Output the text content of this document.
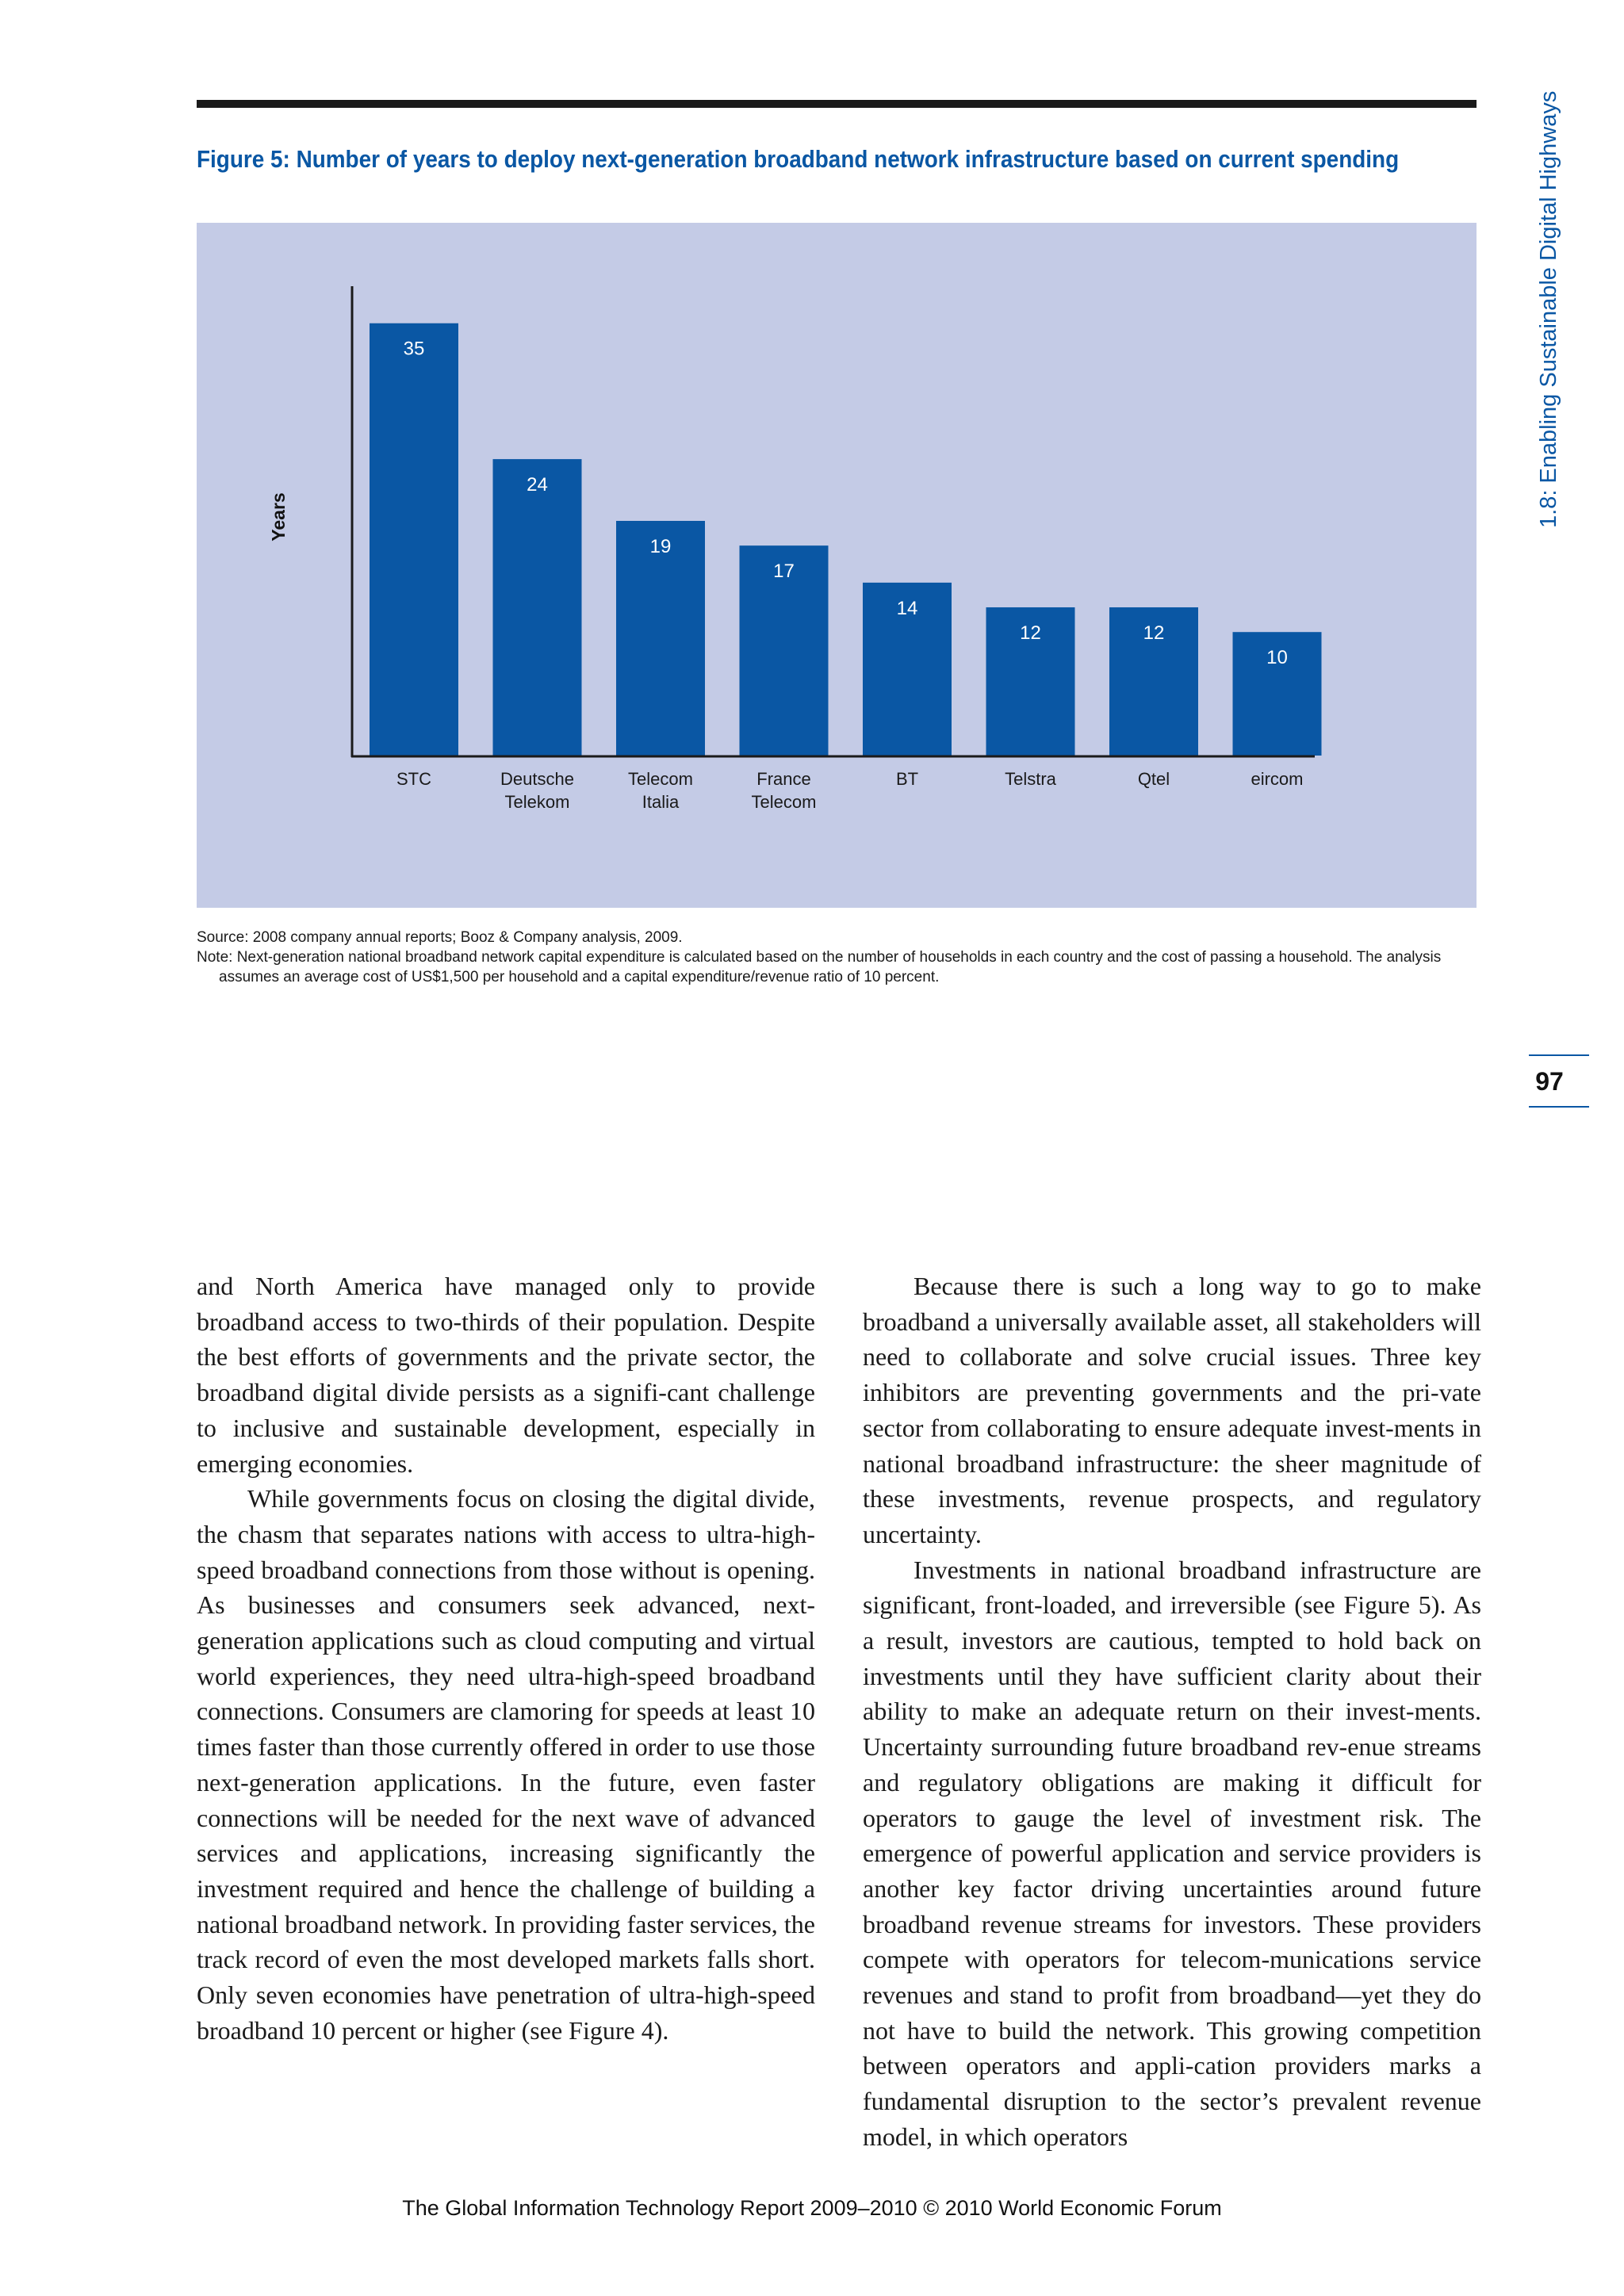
Figure 5: Number of years to deploy next-generation broadband network infrastructure based on current spending
35
24
19
17
14
12	12
10
Years
STC	Deutsche Telekom
Telecom Italia
France Telecom
BT	Telstra	Qtel	eircom
Source: 2008 company annual reports; Booz & Company analysis, 2009.
Note: Next-generation national broadband network capital expenditure is calculated based on the number of households in each country and the cost of passing a household. The analysis assumes an average cost of US$1,500 per household and a capital expenditure/revenue ratio of 10 percent.
1.8: Enabling Sustainable Digital Highways
97

and North America have managed only to provide broadband access to two-thirds of their population. Despite the best efforts of governments and the private sector, the broadband digital divide persists as a signifi-cant challenge to inclusive and sustainable development, especially in emerging economies.

While governments focus on closing the digital divide, the chasm that separates nations with access to ultra-high-speed broadband connections from those without is opening. As businesses and consumers seek advanced, next-generation applications such as cloud computing and virtual world experiences, they need ultra-high-speed broadband connections. Consumers are clamoring for speeds at least 10 times faster than those currently offered in order to use those next-generation applications. In the future, even faster connections will be needed for the next wave of advanced services and applications, increasing significantly the investment required and hence the challenge of building a national broadband network. In providing faster services, the track record of even the most developed markets falls short. Only seven economies have penetration of ultra-high-speed broadband 10 percent or higher (see Figure 4).

Because there is such a long way to go to make broadband a universally available asset, all stakeholders will need to collaborate and solve crucial issues. Three key inhibitors are preventing governments and the pri-vate sector from collaborating to ensure adequate invest-ments in national broadband infrastructure: the sheer magnitude of these investments, revenue prospects, and regulatory uncertainty.

Investments in national broadband infrastructure are significant, front-loaded, and irreversible (see Figure 5). As a result, investors are cautious, tempted to hold back on investments until they have sufficient clarity about their ability to make an adequate return on their invest-ments. Uncertainty surrounding future broadband rev-enue streams and regulatory obligations are making it difficult for operators to gauge the level of investment risk. The emergence of powerful application and service providers is another key factor driving uncertainties around future broadband revenue streams for investors. These providers compete with operators for telecom-munications service revenues and stand to profit from broadband—yet they do not have to build the network. This growing competition between operators and appli-cation providers marks a fundamental disruption to the sector’s prevalent revenue model, in which operators

The Global Information Technology Report 2009–2010 © 2010 World Economic Forum
